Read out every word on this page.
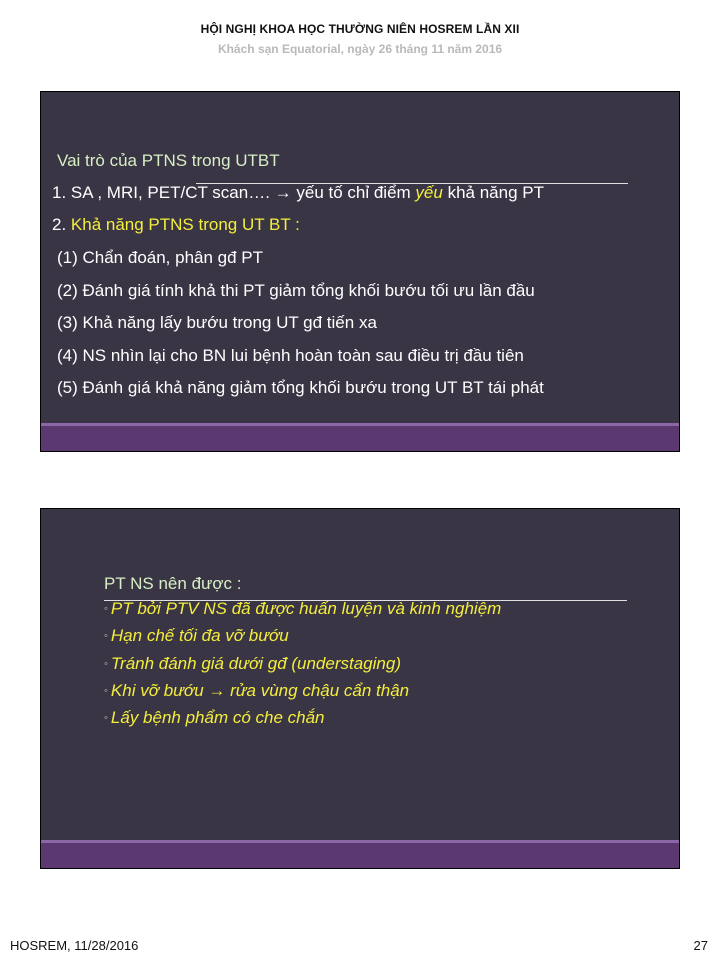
HỘI NGHỊ KHOA HỌC THƯỜNG NIÊN HOSREM LẦN XII
Khách sạn Equatorial, ngày 26 tháng 11 năm 2016
Vai trò của PTNS trong UTBT
1. SA , MRI, PET/CT scan…. → yếu tố chỉ điểm yếu khả năng PT
2. Khả năng PTNS trong UT BT :
(1) Chẩn đoán, phân gđ PT
(2) Đánh giá tính khả thi PT giảm tổng khối bướu tối ưu lần đầu
(3) Khả năng lấy bướu trong UT gđ tiến xa
(4) NS nhìn lại cho BN lui bệnh hoàn toàn sau điều trị đầu tiên
(5) Đánh giá khả năng giảm tổng khối bướu trong UT BT tái phát
PT NS nên được :
◦ PT bởi PTV NS đã được huấn luyện và kinh nghiệm
◦ Hạn chế tối đa vỡ bướu
◦ Tránh đánh giá dưới gđ (understaging)
◦ Khi vỡ bướu → rửa vùng chậu cẩn thận
◦ Lấy bệnh phẩm có che chắn
HOSREM, 11/28/2016	27
